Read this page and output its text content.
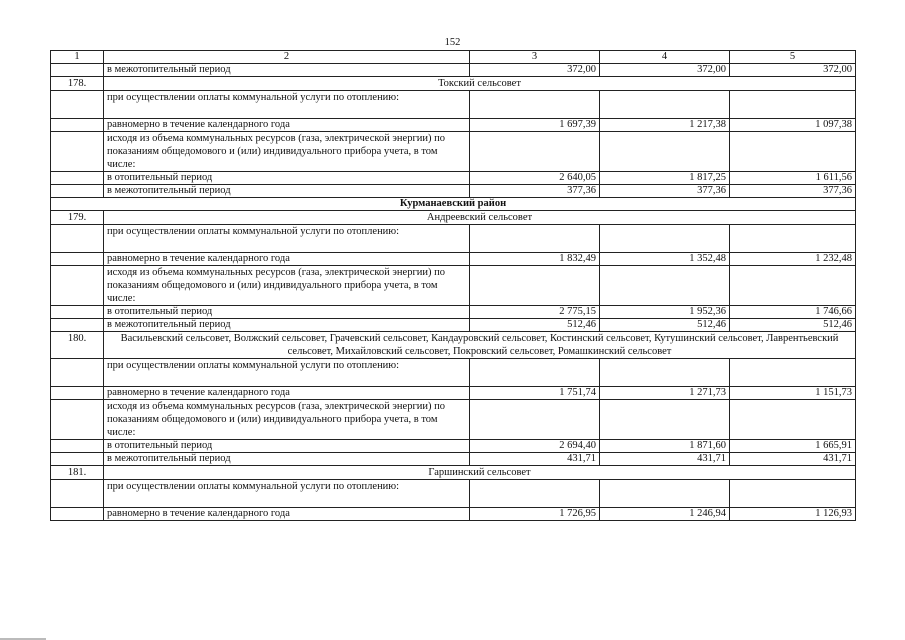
152
1	2	3	4	5
	в межотопительный период	372,00	372,00	372,00
178.	Токский сельсовет			
	при осуществлении оплаты коммунальной услуги по отоплению:			
	равномерно в течение календарного года	1 697,39	1 217,38	1 097,38
	исходя из объема коммунальных ресурсов (газа, электрической энергии) по показаниям общедомового и (или) индивидуального прибора учета, в том числе:			
	в отопительный период	2 640,05	1 817,25	1 611,56
	в межотопительный период	377,36	377,36	377,36
Курманаевский район				
179.	Андреевский сельсовет			
	при осуществлении оплаты коммунальной услуги по отоплению:			
	равномерно в течение календарного года	1 832,49	1 352,48	1 232,48
	исходя из объема коммунальных ресурсов (газа, электрической энергии) по показаниям общедомового и (или) индивидуального прибора учета, в том числе:			
	в отопительный период	2 775,15	1 952,36	1 746,66
	в межотопительный период	512,46	512,46	512,46
180.	Васильевский сельсовет, Волжский сельсовет, Грачевский сельсовет, Кандауровский сельсовет, Костинский сельсовет, Кутушинский сельсовет, Лаврентьевский сельсовет, Михайловский сельсовет, Покровский сельсовет, Ромашкинский сельсовет			
	при осуществлении оплаты коммунальной услуги по отоплению:			
	равномерно в течение календарного года	1 751,74	1 271,73	1 151,73
	исходя из объема коммунальных ресурсов (газа, электрической энергии) по показаниям общедомового и (или) индивидуального прибора учета, в том числе:			
	в отопительный период	2 694,40	1 871,60	1 665,91
	в межотопительный период	431,71	431,71	431,71
181.	Гаршинский сельсовет			
	при осуществлении оплаты коммунальной услуги по отоплению:			
	равномерно в течение календарного года	1 726,95	1 246,94	1 126,93
